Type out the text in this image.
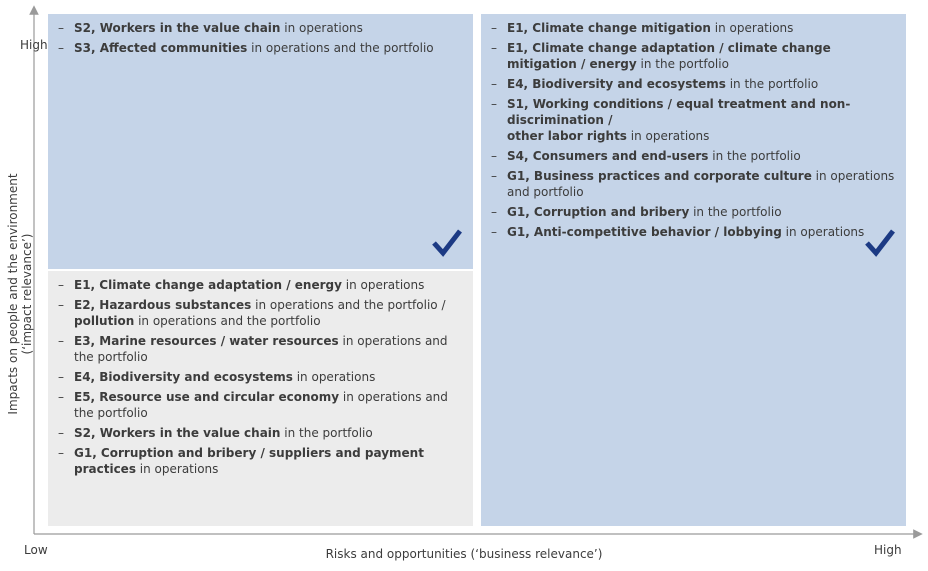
High
Low	High
Risks and opportunities (‘business relevance’)
Impacts on people and the environment (‘impact relevance’)
– S2, Workers in the value chain in operations
– S3, Affected communities in operations and the portfolio
– E1, Climate change mitigation in operations
– E1, Climate change adaptation / climate change mitigation / energy in the portfolio
– E4, Biodiversity and ecosystems in the portfolio
– S1, Working conditions / equal treatment and non-
discrimination /
other labor rights in operations
– S4, Consumers and end-users in the portfolio
– G1, Business practices and corporate culture in operations and portfolio
– G1, Corruption and bribery in the portfolio
– G1, Anti-competitive behavior / lobbying in operations
– E1, Climate change adaptation / energy in operations
– E2, Hazardous substances in operations and the portfolio /
pollution in operations and the portfolio
– E3, Marine resources / water resources in operations and the portfolio
– E4, Biodiversity and ecosystems in operations
– E5, Resource use and circular economy in operations and the portfolio
– S2, Workers in the value chain in the portfolio
– G1, Corruption and bribery / suppliers and payment practices in operations
